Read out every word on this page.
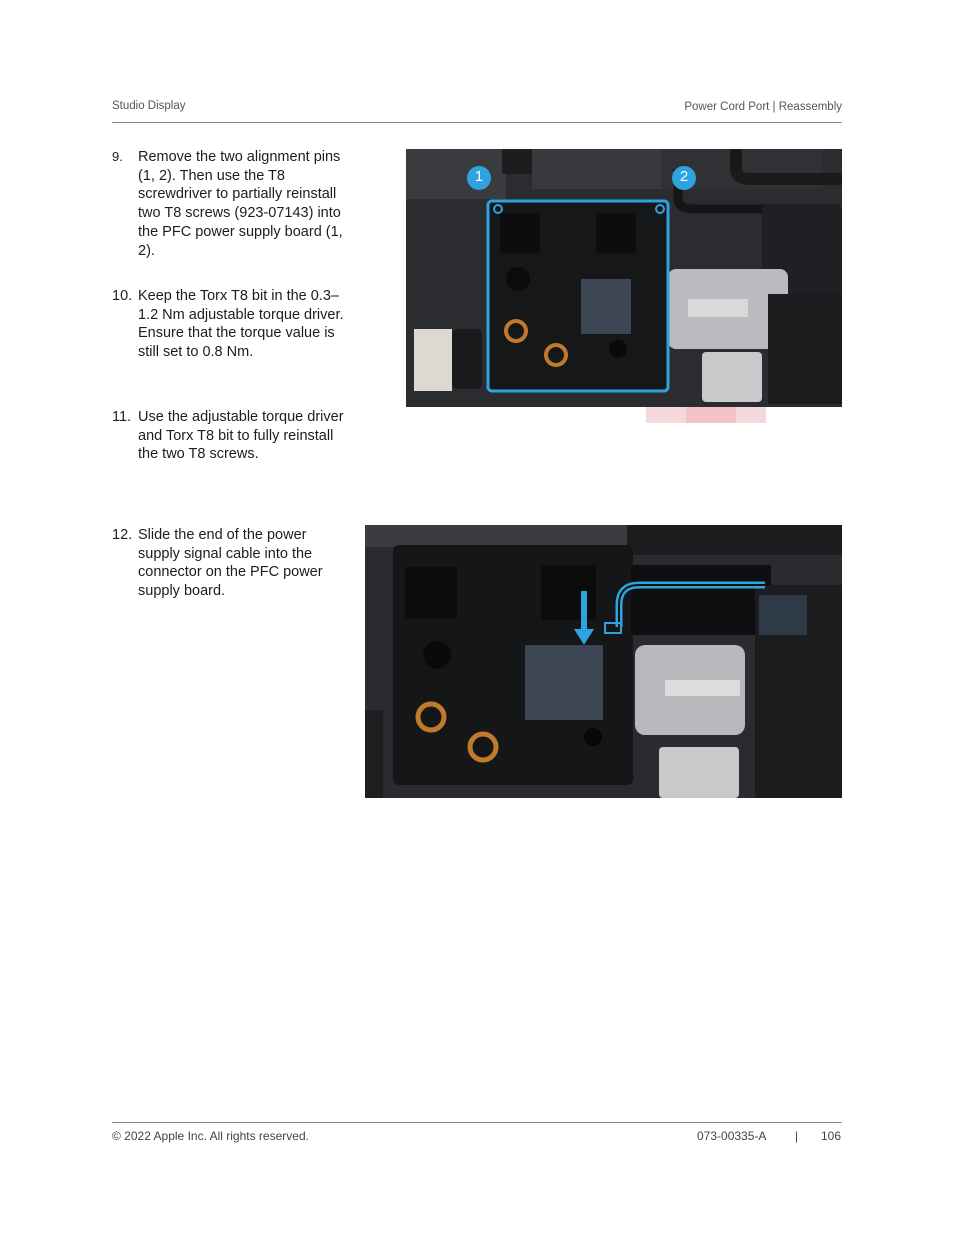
Studio Display	Power Cord Port | Reassembly
9. Remove the two alignment pins (1, 2). Then use the T8 screwdriver to partially reinstall two T8 screws (923-07143) into the PFC power supply board (1, 2).
10. Keep the Torx T8 bit in the 0.3–1.2 Nm adjustable torque driver. Ensure that the torque value is still set to 0.8 Nm.
11. Use the adjustable torque driver and Torx T8 bit to fully reinstall the two T8 screws.
12. Slide the end of the power supply signal cable into the connector on the PFC power supply board.
1	2
© 2022 Apple Inc. All rights reserved.	073-00335-A | 106
